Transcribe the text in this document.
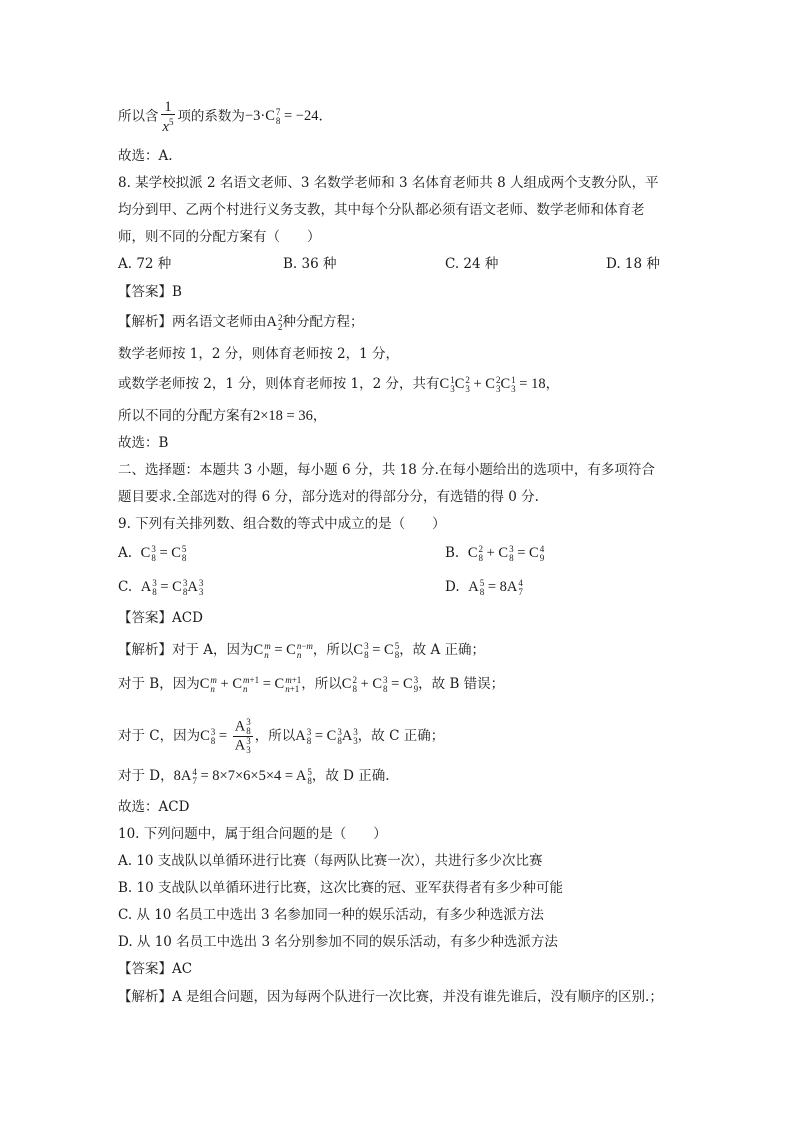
所以含 $\frac{1}{x^5}$ 项的系数为−3·C 7
8 = −24.
故选：A.
8. 某学校拟派 2 名语文老师、3 名数学老师和 3 名体育老师共 8 人组成两个支教分队，平
均分到甲、乙两个村进行义务支教，其中每个分队都必须有语文老师、数学老师和体育老
师，则不同的分配方案有（　　）
A. 72 种	B. 36 种	C. 24 种	D. 18 种
【答案】B
【解析】两名语文老师由A 2
2 种分配方程；
数学老师按 1，2 分，则体育老师按 2，1 分，
或数学老师按 2，1 分，则体育老师按 1，2 分，共有C 1
3 C 2
3 + C 2
3 C 1
3 = 18，
所以不同的分配方案有2×18 = 36，
故选：B
二、选择题：本题共 3 小题，每小题 6 分，共 18 分.在每小题给出的选项中，有多项符合
题目要求.全部选对的得 6 分，部分选对的得部分分，有选错的得 0 分.
9. 下列有关排列数、组合数的等式中成立的是（　　）
A. C 3
8 = C 5
8	B. C 2
8 + C 3
8 = C 4
9
C. A 3
8 = C 3
8 A 3
3	D. A 5
8 = 8A 4
7
【答案】ACD
【解析】对于 A，因为C m
n = C n−m
n ，所以C 3
8 = C 5
8 ，故 A 正确；
对于 B，因为C m
n + C m+1
n = C m+1
n+1 ，所以C 2
8 + C 3
8 = C 3
9 ，故 B 错误；
对于 C，因为C 3
8 = A 3
8
A 3
3 ，所以A 3
8 = C 3
8 A 3
3 ，故 C 正确；
对于 D，8A 4
7 = 8×7×6×5×4 = A 5
8 ，故 D 正确.
故选：ACD
10. 下列问题中，属于组合问题的是（　　）
A. 10 支战队以单循环进行比赛（每两队比赛一次），共进行多少次比赛
B. 10 支战队以单循环进行比赛，这次比赛的冠、亚军获得者有多少种可能
C. 从 10 名员工中选出 3 名参加同一种的娱乐活动，有多少种选派方法
D. 从 10 名员工中选出 3 名分别参加不同的娱乐活动，有多少种选派方法
【答案】AC
【解析】A 是组合问题，因为每两个队进行一次比赛，并没有谁先谁后，没有顺序的区别.；
